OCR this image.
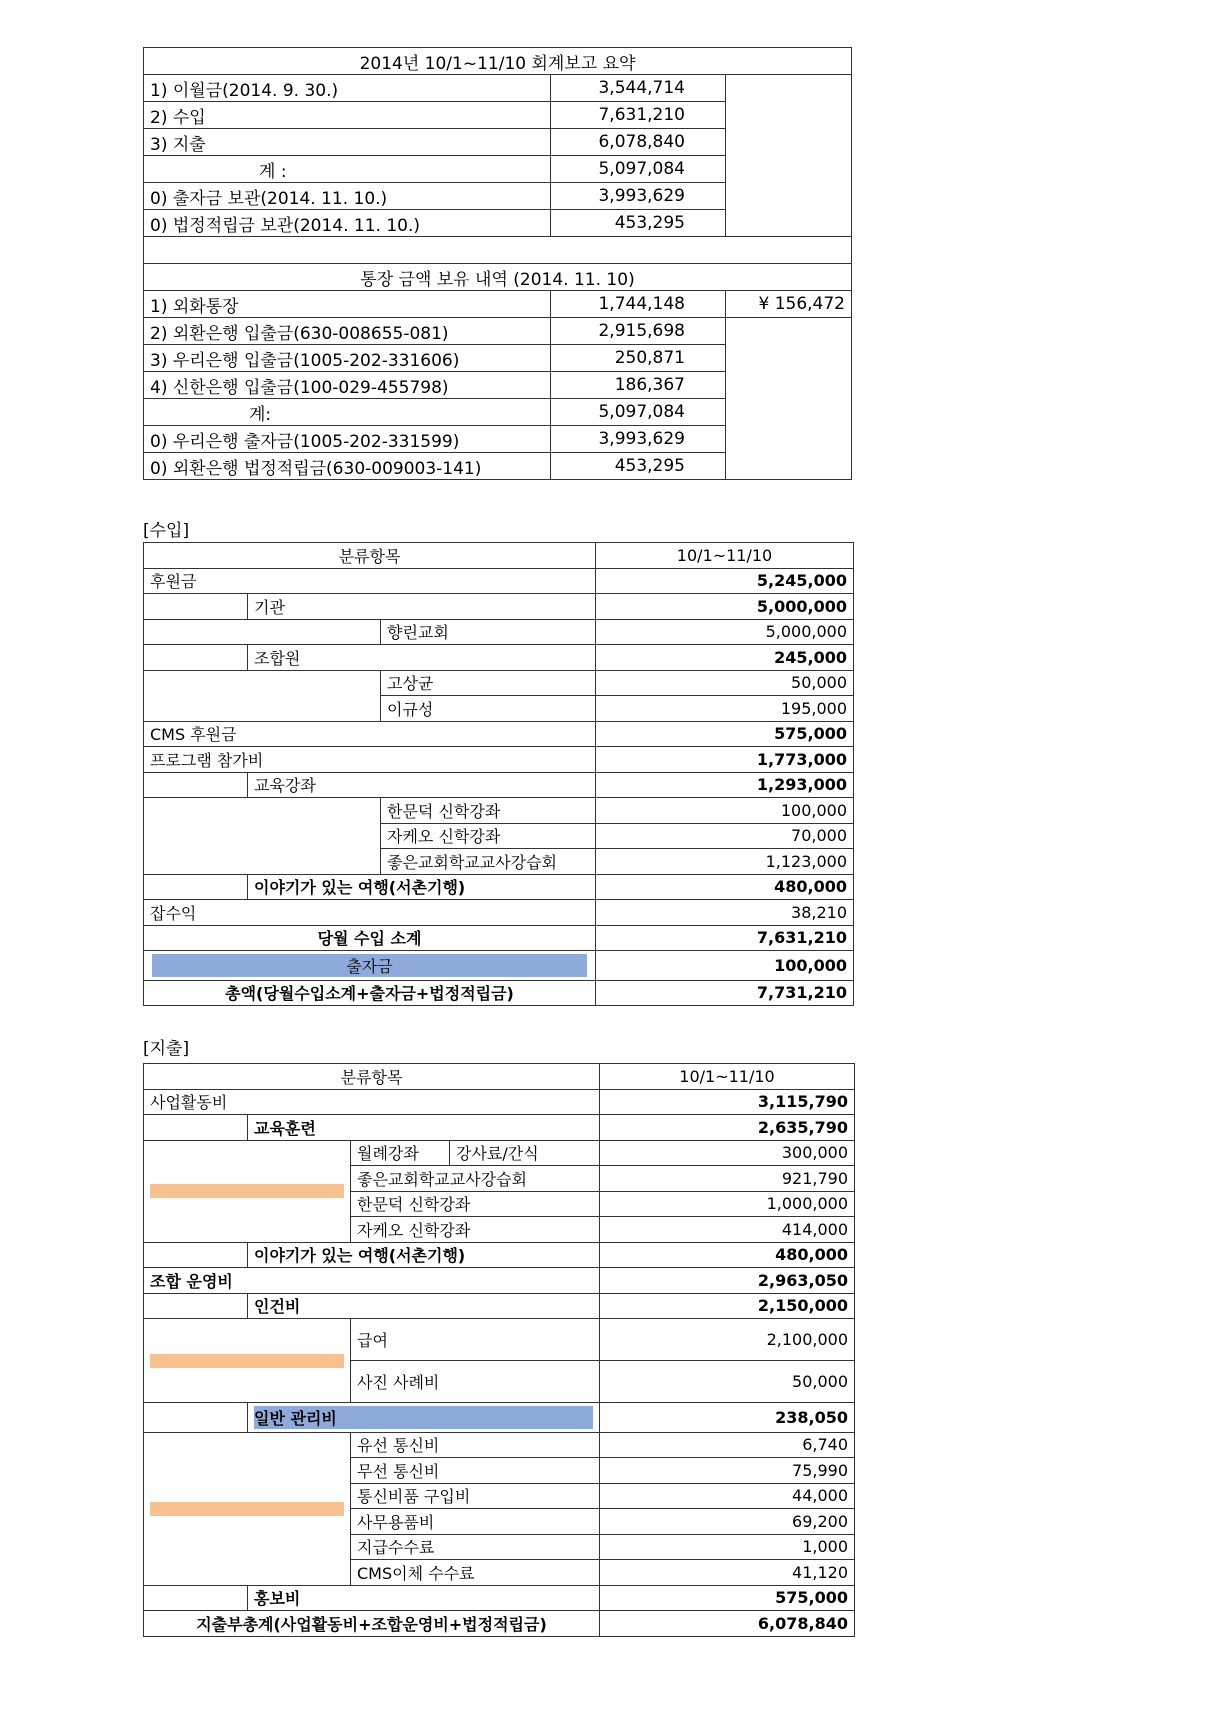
2014년 10/1~11/10 회계보고 요약		
1) 이월금(2014. 9. 30.)	3,544,714	
2) 수입	7,631,210	
3) 지출	6,078,840	
계 :	5,097,084	
0) 출자금 보관(2014. 11. 10.)	3,993,629	
0) 법정적립금 보관(2014. 11. 10.)	453,295	

통장 금액 보유 내역 (2014. 11. 10)		
1) 외화통장	1,744,148	¥ 156,472
2) 외환은행 입출금(630-008655-081)	2,915,698	
3) 우리은행 입출금(1005-202-331606)	250,871	
4) 신한은행 입출금(100-029-455798)	186,367	
계:	5,097,084	
0) 우리은행 출자금(1005-202-331599)	3,993,629	
0) 외환은행 법정적립금(630-009003-141)	453,295	
[수입]
분류항목			10/1~11/10
후원금			5,245,000
	기관		5,000,000
		향린교회	5,000,000
	조합원		245,000
		고상균	50,000
		이규성	195,000
CMS 후원금			575,000
프로그램 참가비			1,773,000
	교육강좌		1,293,000
		한문덕 신학강좌	100,000
		자케오 신학강좌	70,000
		좋은교회학교교사강습회	1,123,000
	이야기가 있는 여행(서촌기행)		480,000
잡수익			38,210
당월 수입 소계			7,631,210

출자금			100,000
총액(당월수입소계+출자금+법정적립금)			7,731,210
[지출]
분류항목				10/1~11/10
사업활동비				3,115,790
	교육훈련			2,635,790

		월례강좌	강사료/간식	300,000
		좋은교회학교교사강습회		921,790
		한문덕 신학강좌		1,000,000
		자케오 신학강좌		414,000
	이야기가 있는 여행(서촌기행)			480,000
조합 운영비				2,963,050
	인건비			2,150,000

		급여		2,100,000
		사진 사례비		50,000

	일반 관리비			238,050

		유선 통신비		6,740
		무선 통신비		75,990
		통신비품 구입비		44,000
		사무용품비		69,200
		지급수수료		1,000
		CMS이체 수수료		41,120
	홍보비			575,000
지출부총계(사업활동비+조합운영비+법정적립금)				6,078,840
